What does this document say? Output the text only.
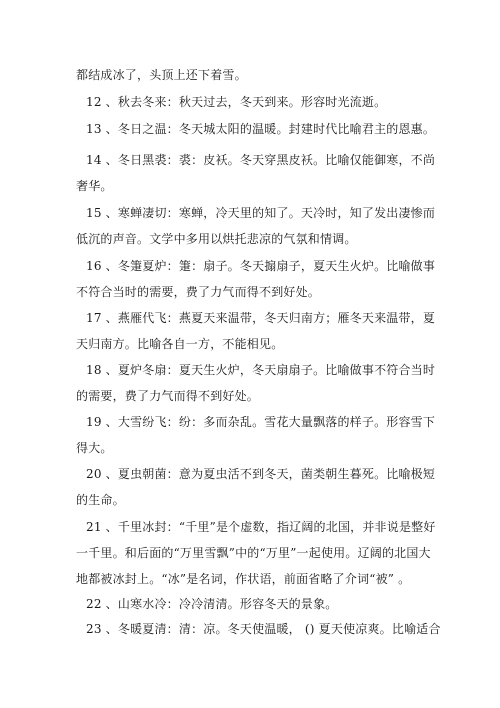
都结成冰了，头顶上还下着雪。
12 、秋去冬来：秋天过去，冬天到来。形容时光流逝。
13 、冬日之温：冬天城太阳的温暖。封建时代比喻君主的恩惠。
14 、冬日黑裘：裘：皮袄。冬天穿黑皮袄。比喻仅能御寒，不尚
奢华。
15 、寒蝉凄切：寒蝉，冷天里的知了。天冷时，知了发出凄惨而
低沉的声音。文学中多用以烘托悲凉的气氛和情调。
16 、冬箑夏炉：箑：扇子。冬天搧扇子，夏天生火炉。比喻做事
不符合当时的需要，费了力气而得不到好处。
17 、燕雁代飞：燕夏天来温带，冬天归南方；雁冬天来温带，夏
天归南方。比喻各自一方，不能相见。
18 、夏炉冬扇：夏天生火炉，冬天扇扇子。比喻做事不符合当时
的需要，费了力气而得不到好处。
19 、大雪纷飞：纷：多而杂乱。雪花大量飘落的样子。形容雪下
得大。
20 、夏虫朝菌：意为夏虫活不到冬天，菌类朝生暮死。比喻极短
的生命。
21 、千里冰封：“千里”是个虚数，指辽阔的北国，并非说是整好
一千里。和后面的“万里雪飘”中的“万里”一起使用。辽阔的北国大
地都被冰封上。“冰”是名词，作状语，前面省略了介词“被” 。
22 、山寒水冷：冷冷清清。形容冬天的景象。
23 、冬暖夏清：清：凉。冬天使温暖， () 夏天使凉爽。比喻适合
